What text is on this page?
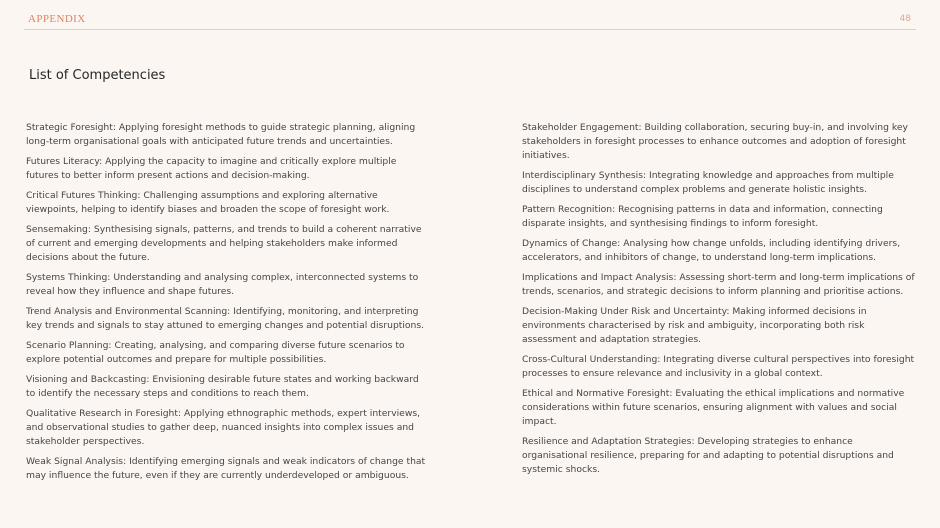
APPENDIX	48
List of Competencies
Strategic Foresight: Applying foresight methods to guide strategic planning, aligning long-term organisational goals with anticipated future trends and uncertainties.
Futures Literacy: Applying the capacity to imagine and critically explore multiple futures to better inform present actions and decision-making.
Critical Futures Thinking: Challenging assumptions and exploring alternative viewpoints, helping to identify biases and broaden the scope of foresight work.
Sensemaking: Synthesising signals, patterns, and trends to build a coherent narrative of current and emerging developments and helping stakeholders make informed decisions about the future.
Systems Thinking: Understanding and analysing complex, interconnected systems to reveal how they influence and shape futures.
Trend Analysis and Environmental Scanning: Identifying, monitoring, and interpreting key trends and signals to stay attuned to emerging changes and potential disruptions.
Scenario Planning: Creating, analysing, and comparing diverse future scenarios to explore potential outcomes and prepare for multiple possibilities.
Visioning and Backcasting: Envisioning desirable future states and working backward to identify the necessary steps and conditions to reach them.
Qualitative Research in Foresight: Applying ethnographic methods, expert interviews, and observational studies to gather deep, nuanced insights into complex issues and stakeholder perspectives.
Weak Signal Analysis: Identifying emerging signals and weak indicators of change that may influence the future, even if they are currently underdeveloped or ambiguous.
Stakeholder Engagement: Building collaboration, securing buy-in, and involving key stakeholders in foresight processes to enhance outcomes and adoption of foresight initiatives.
Interdisciplinary Synthesis: Integrating knowledge and approaches from multiple disciplines to understand complex problems and generate holistic insights.
Pattern Recognition: Recognising patterns in data and information, connecting disparate insights, and synthesising findings to inform foresight.
Dynamics of Change: Analysing how change unfolds, including identifying drivers, accelerators, and inhibitors of change, to understand long-term implications.
Implications and Impact Analysis: Assessing short-term and long-term implications of trends, scenarios, and strategic decisions to inform planning and prioritise actions.
Decision-Making Under Risk and Uncertainty: Making informed decisions in environments characterised by risk and ambiguity, incorporating both risk assessment and adaptation strategies.
Cross-Cultural Understanding: Integrating diverse cultural perspectives into foresight processes to ensure relevance and inclusivity in a global context.
Ethical and Normative Foresight: Evaluating the ethical implications and normative considerations within future scenarios, ensuring alignment with values and social impact.
Resilience and Adaptation Strategies: Developing strategies to enhance organisational resilience, preparing for and adapting to potential disruptions and systemic shocks.
